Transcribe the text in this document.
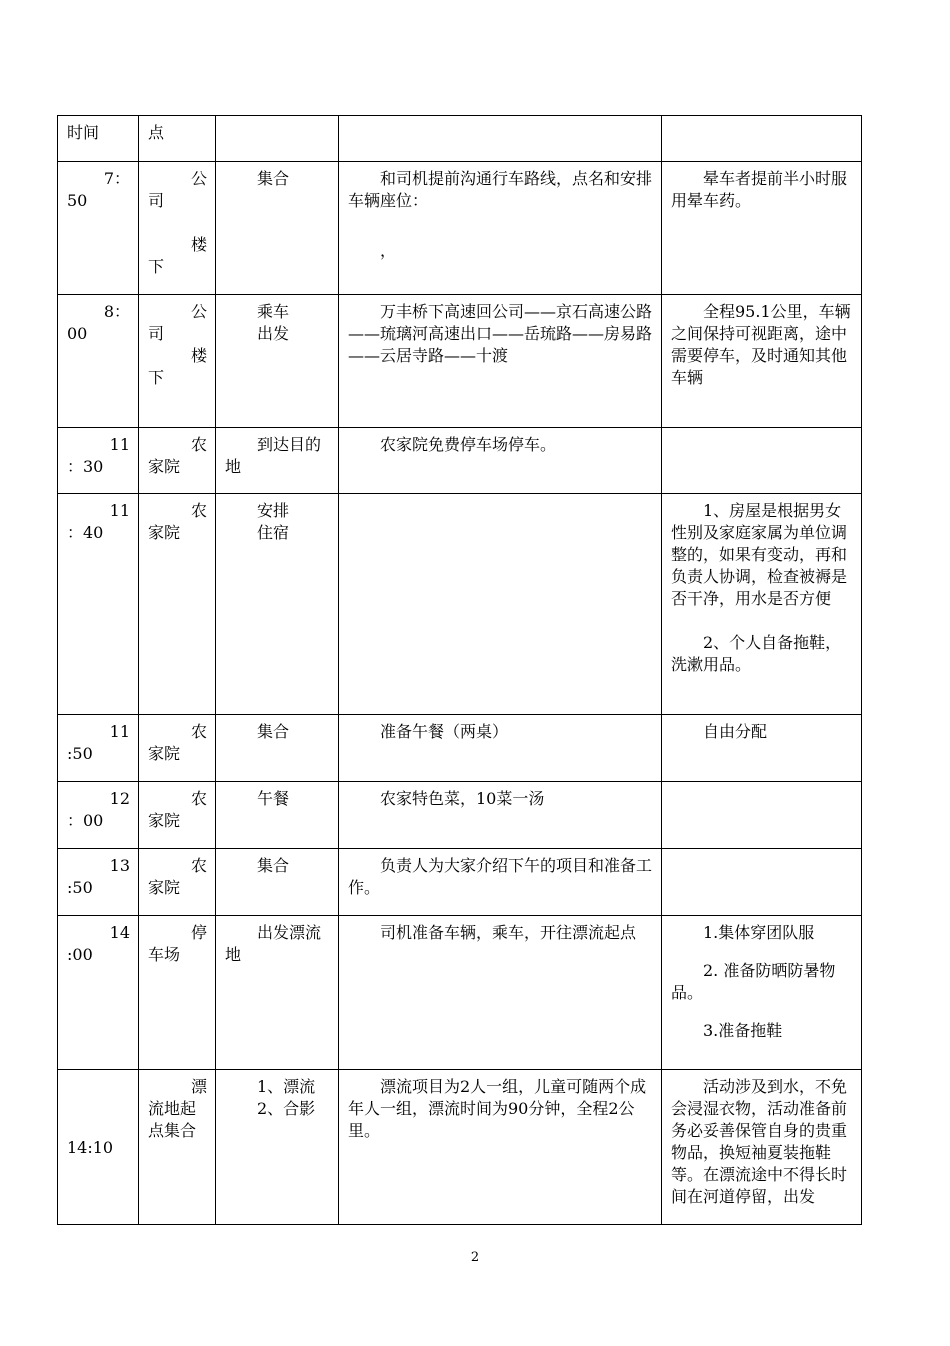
时间	点			

7：
50	公
司
楼
下	集合	和司机提前沟通行车路线，点名和安排车辆座位：
，	晕车者提前半小时服用晕车药。

8：
00	公
司
楼
下	乘车
出发	万丰桥下高速回公司——京石高速公路——琉璃河高速出口——岳琉路——房易路——云居寺路——十渡	全程95.1公里，车辆之间保持可视距离，途中需要停车，及时通知其他车辆

11
：30	农
家院	到达目的地	农家院免费停车场停车。	

11
：40	农
家院	安排
住宿		1、房屋是根据男女性别及家庭家属为单位调整的，如果有变动，再和负责人协调，检查被褥是否干净，用水是否方便
2、个人自备拖鞋，洗漱用品。

11
:50	农
家院	集合	准备午餐（两桌）	自由分配

12
：00	农
家院	午餐	农家特色菜，10菜一汤	

13
:50	农
家院	集合	负责人为大家介绍下午的项目和准备工作。	

14
:00	停
车场	出发漂流地	司机准备车辆，乘车，开往漂流起点	1.集体穿团队服
2. 准备防晒防暑物品。
3.准备拖鞋

14:10	漂
流地起点集合	1、漂流
2、合影	漂流项目为2人一组，儿童可随两个成年人一组，漂流时间为90分钟，全程2公里。	活动涉及到水，不免会浸湿衣物，活动准备前务必妥善保管自身的贵重物品，换短袖夏装拖鞋等。在漂流途中不得长时间在河道停留，出发
2
